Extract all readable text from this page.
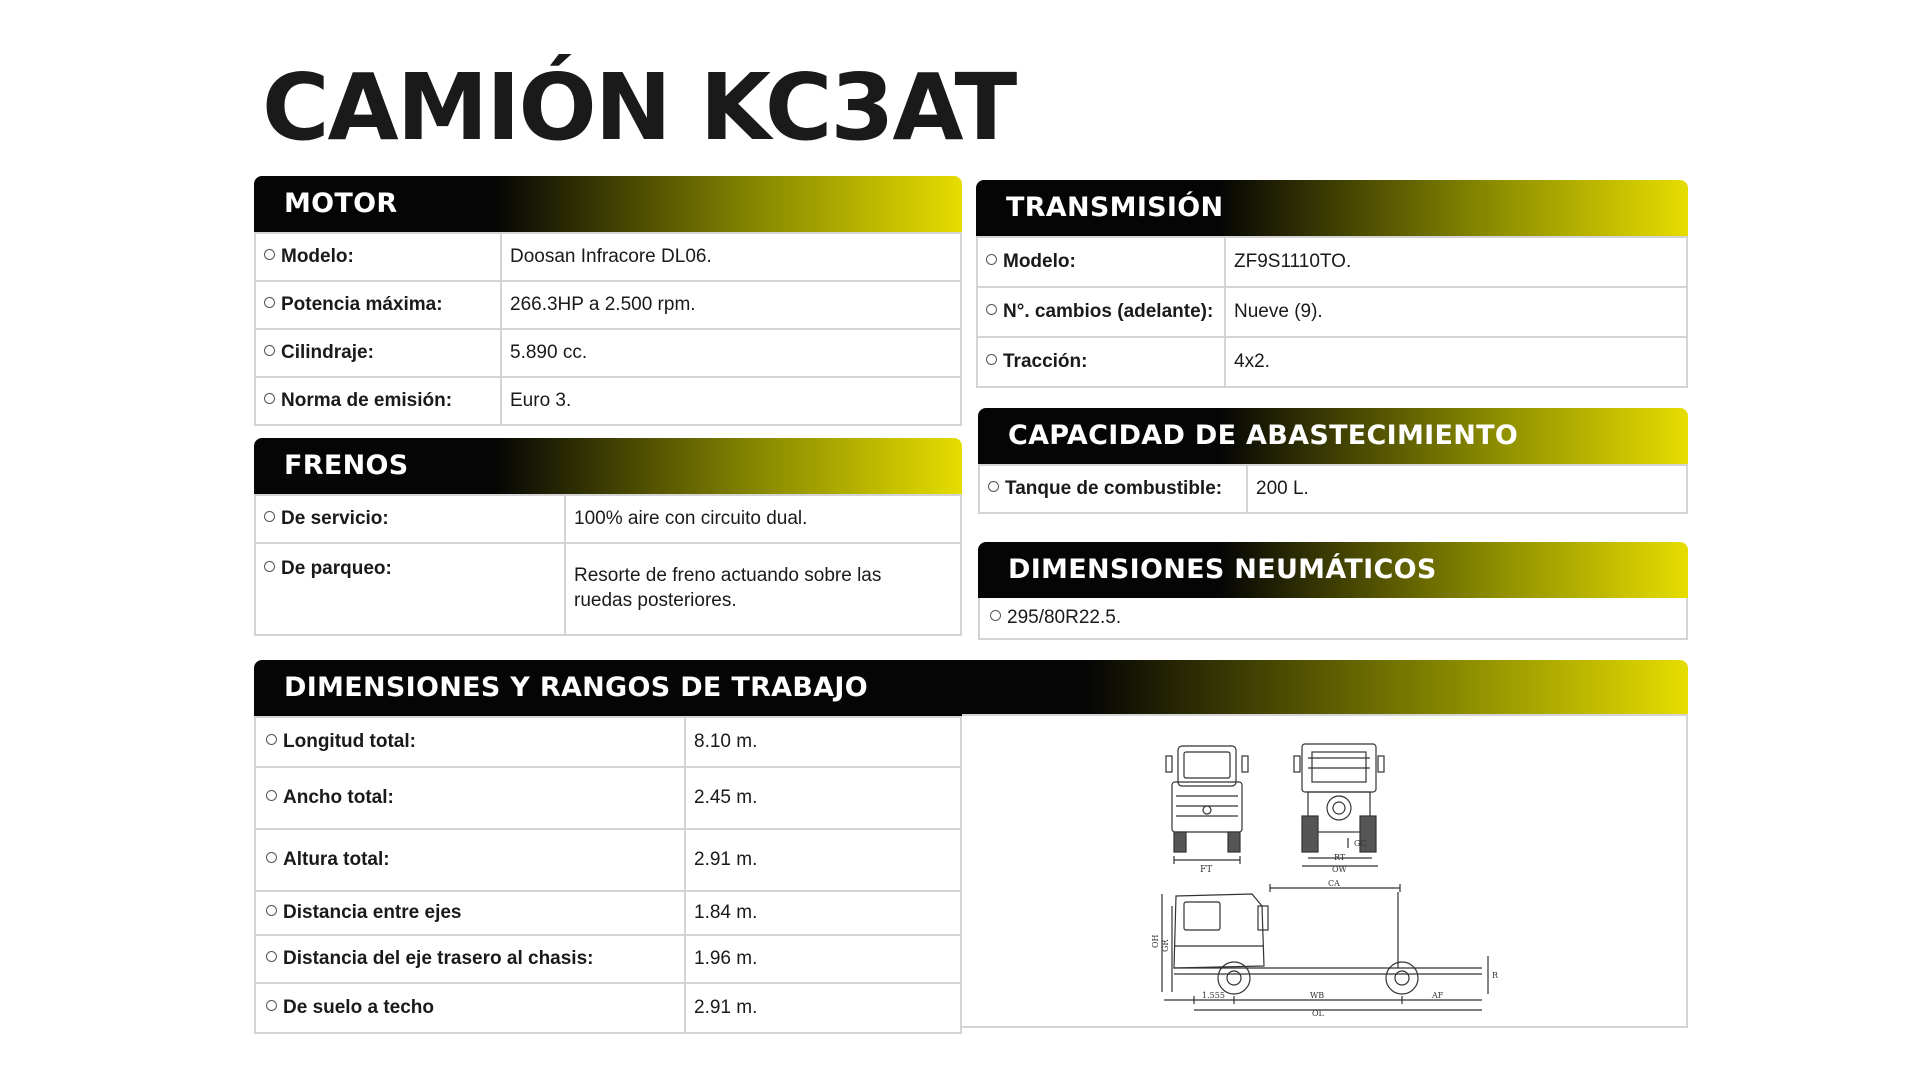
CAMIÓN KC3AT
MOTOR
Modelo:	Doosan Infracore DL06.
Potencia máxima:	266.3HP a 2.500 rpm.
Cilindraje:	5.890 cc.
Norma de emisión:	Euro 3.
FRENOS
De servicio:	100% aire con circuito dual.
De parqueo:	Resorte de freno actuando sobre las ruedas posteriores.
TRANSMISIÓN
Modelo:	ZF9S1110TO.
N°. cambios (adelante):	Nueve (9).
Tracción:	4x2.
CAPACIDAD DE ABASTECIMIENTO
Tanque de combustible:	200 L.
DIMENSIONES NEUMÁTICOS
295/80R22.5.
DIMENSIONES Y RANGOS DE TRABAJO
Longitud total:	8.10 m.
Ancho total:	2.45 m.
Altura total:	2.91 m.
Distancia entre ejes	1.84 m.
Distancia del eje trasero al chasis:	1.96 m.
De suelo a techo	2.91 m.
FT
GC
RT
OW
CA
OH GR
R
1.555	WB	AF
OL
